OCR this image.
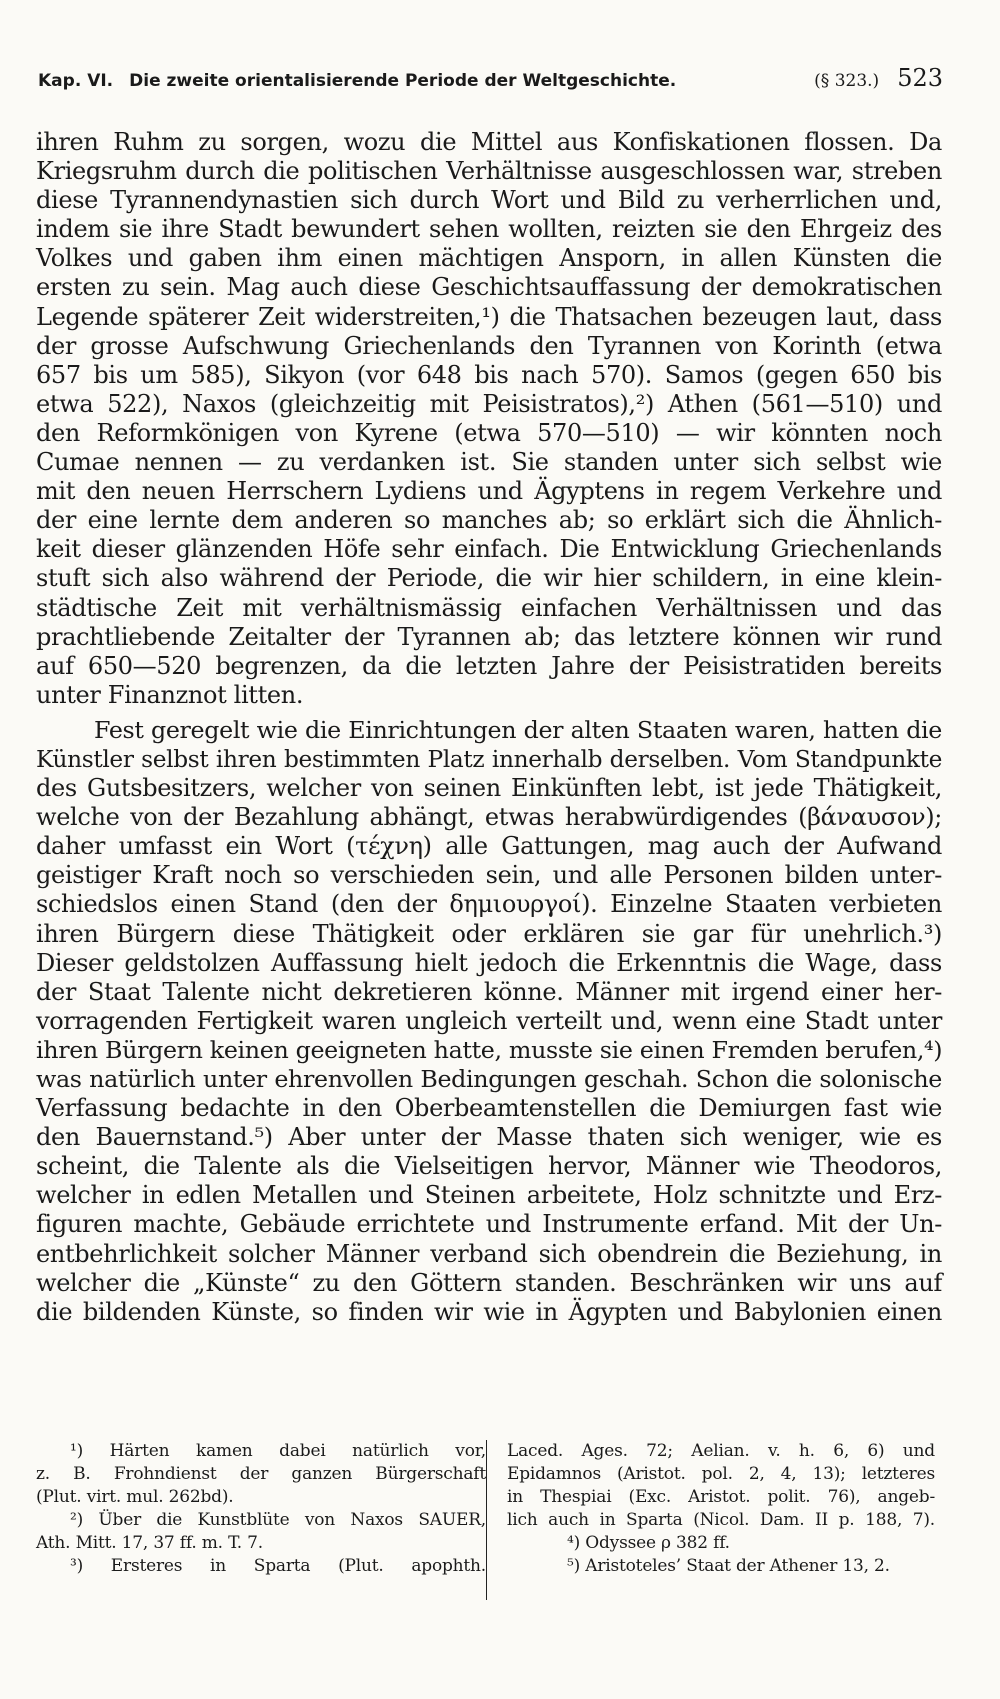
Kap. VI. Die zweite orientalisierende Periode der Weltgeschichte.	(§ 323.) 523
ihren Ruhm zu sorgen, wozu die Mittel aus Konfiskationen flossen. Da
Kriegsruhm durch die politischen Verhältnisse ausgeschlossen war, streben
diese Tyrannendynastien sich durch Wort und Bild zu verherrlichen und,
indem sie ihre Stadt bewundert sehen wollten, reizten sie den Ehrgeiz des
Volkes und gaben ihm einen mächtigen Ansporn, in allen Künsten die
ersten zu sein. Mag auch diese Geschichtsauffassung der demokratischen
Legende späterer Zeit widerstreiten,¹) die Thatsachen bezeugen laut, dass
der grosse Aufschwung Griechenlands den Tyrannen von Korinth (etwa
657 bis um 585), Sikyon (vor 648 bis nach 570). Samos (gegen 650 bis
etwa 522), Naxos (gleichzeitig mit Peisistratos),²) Athen (561—510) und
den Reformkönigen von Kyrene (etwa 570—510) — wir könnten noch
Cumae nennen — zu verdanken ist. Sie standen unter sich selbst wie
mit den neuen Herrschern Lydiens und Ägyptens in regem Verkehre und
der eine lernte dem anderen so manches ab; so erklärt sich die Ähnlich-
keit dieser glänzenden Höfe sehr einfach. Die Entwicklung Griechenlands
stuft sich also während der Periode, die wir hier schildern, in eine klein-
städtische Zeit mit verhältnismässig einfachen Verhältnissen und das
prachtliebende Zeitalter der Tyrannen ab; das letztere können wir rund
auf 650—520 begrenzen, da die letzten Jahre der Peisistratiden bereits
unter Finanznot litten.
Fest geregelt wie die Einrichtungen der alten Staaten waren, hatten die
Künstler selbst ihren bestimmten Platz innerhalb derselben. Vom Standpunkte
des Gutsbesitzers, welcher von seinen Einkünften lebt, ist jede Thätigkeit,
welche von der Bezahlung abhängt, etwas herabwürdigendes (βάναυσον);
daher umfasst ein Wort (τέχνη) alle Gattungen, mag auch der Aufwand
geistiger Kraft noch so verschieden sein, und alle Personen bilden unter-
schiedslos einen Stand (den der δημιουργοί). Einzelne Staaten verbieten
ihren Bürgern diese Thätigkeit oder erklären sie gar für unehrlich.³)
Dieser geldstolzen Auffassung hielt jedoch die Erkenntnis die Wage, dass
der Staat Talente nicht dekretieren könne. Männer mit irgend einer her-
vorragenden Fertigkeit waren ungleich verteilt und, wenn eine Stadt unter
ihren Bürgern keinen geeigneten hatte, musste sie einen Fremden berufen,⁴)
was natürlich unter ehrenvollen Bedingungen geschah. Schon die solonische
Verfassung bedachte in den Oberbeamtenstellen die Demiurgen fast wie
den Bauernstand.⁵) Aber unter der Masse thaten sich weniger, wie es
scheint, die Talente als die Vielseitigen hervor, Männer wie Theodoros,
welcher in edlen Metallen und Steinen arbeitete, Holz schnitzte und Erz-
figuren machte, Gebäude errichtete und Instrumente erfand. Mit der Un-
entbehrlichkeit solcher Männer verband sich obendrein die Beziehung, in
welcher die „Künste“ zu den Göttern standen. Beschränken wir uns auf
die bildenden Künste, so finden wir wie in Ägypten und Babylonien einen
¹) Härten kamen dabei natürlich vor,
z. B. Frohndienst der ganzen Bürgerschaft
(Plut. virt. mul. 262bd).
²) Über die Kunstblüte von Naxos SAUER,
Ath. Mitt. 17, 37 ff. m. T. 7.
³) Ersteres in Sparta (Plut. apophth.
Laced. Ages. 72; Aelian. v. h. 6, 6) und
Epidamnos (Aristot. pol. 2, 4, 13); letzteres
in Thespiai (Exc. Aristot. polit. 76), angeb-
lich auch in Sparta (Nicol. Dam. II p. 188, 7).
⁴) Odyssee ρ 382 ff.
⁵) Aristoteles’ Staat der Athener 13, 2.
